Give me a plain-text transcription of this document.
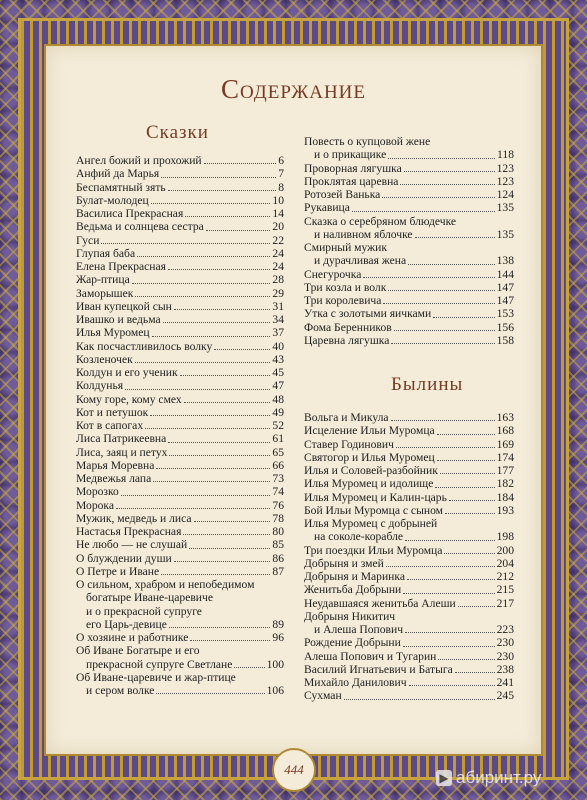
Содержание
Сказки
Ангел божий и прохожий	6
Анфий да Марья	7
Беспамятный зять	8
Булат-молодец	10
Василиса Прекрасная	14
Ведьма и солнцева сестра	20
Гуси	22
Глупая баба	24
Елена Прекрасная	24
Жар-птица	28
Заморышек	29
Иван купецкой сын	31
Ивашко и ведьма	34
Илья Муромец	37
Как посчастливилось волку	40
Козленочек	43
Колдун и его ученик	45
Колдунья	47
Кому горе, кому смех	48
Кот и петушок	49
Кот в сапогах	52
Лиса Патрикеевна	61
Лиса, заяц и петух	65
Марья Моревна	66
Медвежья лапа	73
Морозко	74
Морока	76
Мужик, медведь и лиса	78
Настасья Прекрасная	80
Не любо — не слушай	85
О блуждении души	86
О Петре и Иване	87
О сильном, храбром и непобедимом
богатыре Иване-царевиче
и о прекрасной супруге
его Царь-девице	89
О хозяине и работнике	96
Об Иване Богатыре и его
прекрасной супруге Светлане	100
Об Иване-царевиче и жар-птице
и сером волке	106
Повесть о купцовой жене
и о прикащике	118
Проворная лягушка	123
Проклятая царевна	123
Ротозей Ванька	124
Рукавица	135
Сказка о серебряном блюдечке
и наливном яблочке	135
Смирный мужик
и дурачливая жена	138
Снегурочка	144
Три козла и волк	147
Три королевича	147
Утка с золотыми яичками	153
Фома Беренников	156
Царевна лягушка	158
Былины
Вольга и Микула	163
Исцеление Ильи Муромца	168
Ставер Годинович	169
Святогор и Илья Муромец	174
Илья и Соловей-разбойник	177
Илья Муромец и идолище	182
Илья Муромец и Калин-царь	184
Бой Ильи Муромца с сыном	193
Илья Муромец с добрыней
на соколе-корабле	198
Три поездки Ильи Муромца	200
Добрыня и змей	204
Добрыня и Маринка	212
Женитьба Добрыни	215
Неудавшаяся женитьба Алеши	217
Добрыня Никитич
и Алеша Попович	223
Рождение Добрыни	230
Алеша Попович и Тугарин	230
Василий Игнатьевич и Батыга	238
Михайло Данилович	241
Сухман	245
444
▶ абиринт.ру
